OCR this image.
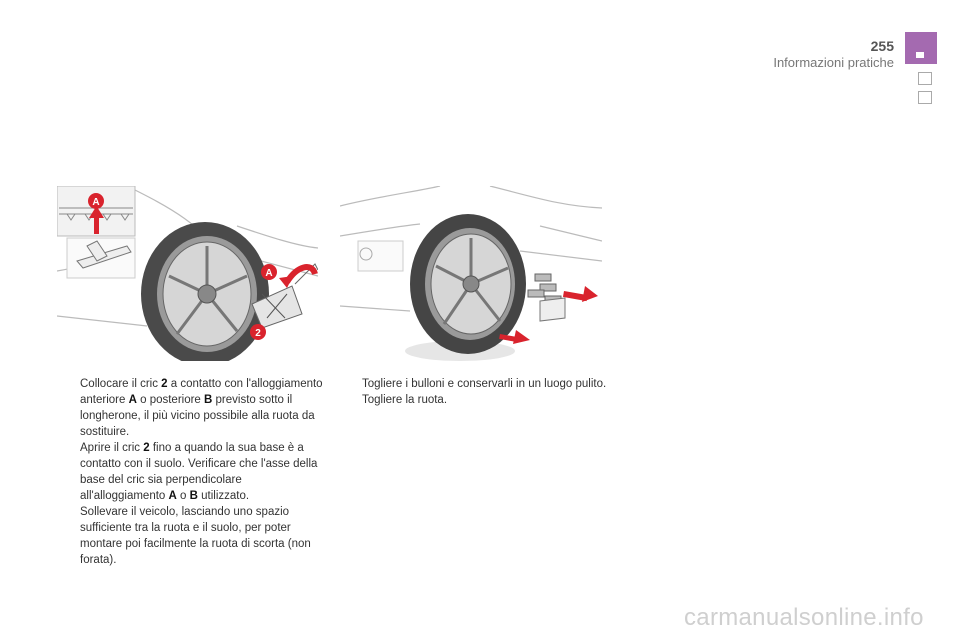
255
Informazioni pratiche
A
A
2
Collocare il cric 2 a contatto con l'alloggiamento anteriore A o posteriore B previsto sotto il longherone, il più vicino possibile alla ruota da sostituire.
Aprire il cric 2 fino a quando la sua base è a contatto con il suolo. Verificare che l'asse della base del cric sia perpendicolare all'alloggiamento A o B utilizzato.
Sollevare il veicolo, lasciando uno spazio sufficiente tra la ruota e il suolo, per poter montare poi facilmente la ruota di scorta (non forata).
Togliere i bulloni e conservarli in un luogo pulito.
Togliere la ruota.
carmanualsonline.info
